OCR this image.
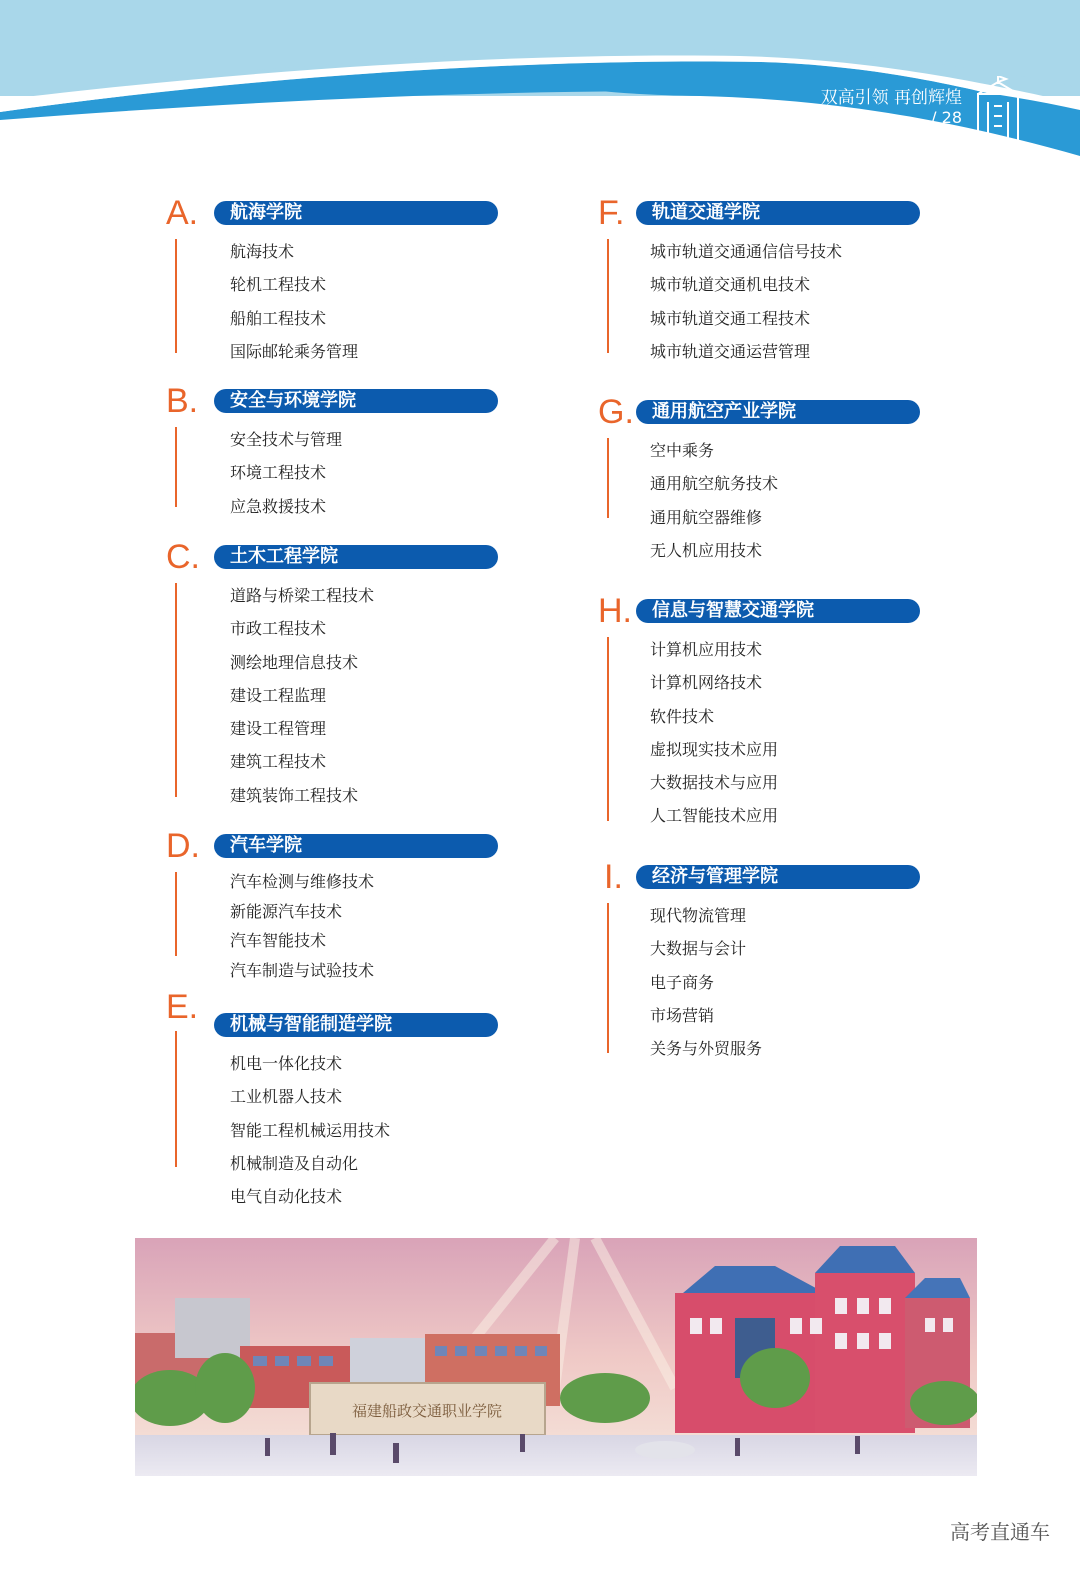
双高引领 再创辉煌
/ 28
A.	航海学院
航海技术
轮机工程技术
船舶工程技术
国际邮轮乘务管理
B.	安全与环境学院
安全技术与管理
环境工程技术
应急救援技术
C.	土木工程学院
道路与桥梁工程技术
市政工程技术
测绘地理信息技术
建设工程监理
建设工程管理
建筑工程技术
建筑装饰工程技术
D.	汽车学院
汽车检测与维修技术
新能源汽车技术
汽车智能技术
汽车制造与试验技术
E.	机械与智能制造学院
机电一体化技术
工业机器人技术
智能工程机械运用技术
机械制造及自动化
电气自动化技术
F.	轨道交通学院
城市轨道交通通信信号技术
城市轨道交通机电技术
城市轨道交通工程技术
城市轨道交通运营管理
G.	通用航空产业学院
空中乘务
通用航空航务技术
通用航空器维修
无人机应用技术
H.	信息与智慧交通学院
计算机应用技术
计算机网络技术
软件技术
虚拟现实技术应用
大数据技术与应用
人工智能技术应用
I.	经济与管理学院
现代物流管理
大数据与会计
电子商务
市场营销
关务与外贸服务
福建船政交通职业学院
高考直通车
